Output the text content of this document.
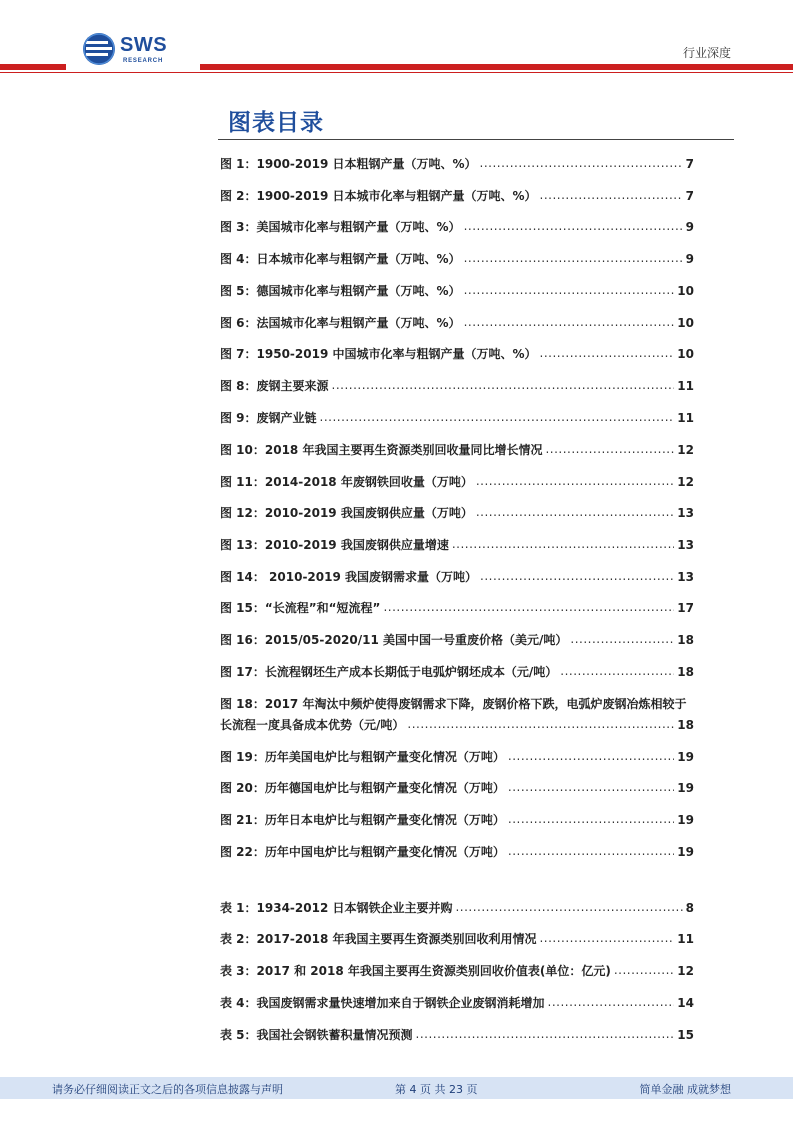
SWS
RESEARCH
行业深度
图表目录
图 1：1900-2019 日本粗钢产量（万吨、%） .....	7
图 2：1900-2019 日本城市化率与粗钢产量（万吨、%） .....	7
图 3：美国城市化率与粗钢产量（万吨、%） .....	9
图 4：日本城市化率与粗钢产量（万吨、%） .....	9
图 5：德国城市化率与粗钢产量（万吨、%） .....	10
图 6：法国城市化率与粗钢产量（万吨、%） .....	10
图 7：1950-2019 中国城市化率与粗钢产量（万吨、%） .....	10
图 8：废钢主要来源 .....	11
图 9：废钢产业链 .....	11
图 10：2018 年我国主要再生资源类别回收量同比增长情况 .....	12
图 11：2014-2018 年废钢铁回收量（万吨） .....	12
图 12：2010-2019 我国废钢供应量（万吨） .....	13
图 13：2010-2019 我国废钢供应量增速 .....	13
图 14： 2010-2019 我国废钢需求量（万吨） .....	13
图 15：“长流程”和“短流程” .....	17
图 16：2015/05-2020/11 美国中国一号重废价格（美元/吨） .....	18
图 17：长流程钢坯生产成本长期低于电弧炉钢坯成本（元/吨） .....	18
图 18：2017 年淘汰中频炉使得废钢需求下降，废钢价格下跌，电弧炉废钢冶炼相较于
长流程一度具备成本优势（元/吨） .....	18
图 19：历年美国电炉比与粗钢产量变化情况（万吨） .....	19
图 20：历年德国电炉比与粗钢产量变化情况（万吨） .....	19
图 21：历年日本电炉比与粗钢产量变化情况（万吨） .....	19
图 22：历年中国电炉比与粗钢产量变化情况（万吨） .....	19
表 1：1934-2012 日本钢铁企业主要并购 .....	8
表 2：2017-2018 年我国主要再生资源类别回收利用情况 .....	11
表 3：2017 和 2018 年我国主要再生资源类别回收价值表(单位：亿元) .....	12
表 4：我国废钢需求量快速增加来自于钢铁企业废钢消耗增加 .....	14
表 5：我国社会钢铁蓄积量情况预测 .....	15
请务必仔细阅读正文之后的各项信息披露与声明	第 4 页 共 23 页	简单金融 成就梦想
